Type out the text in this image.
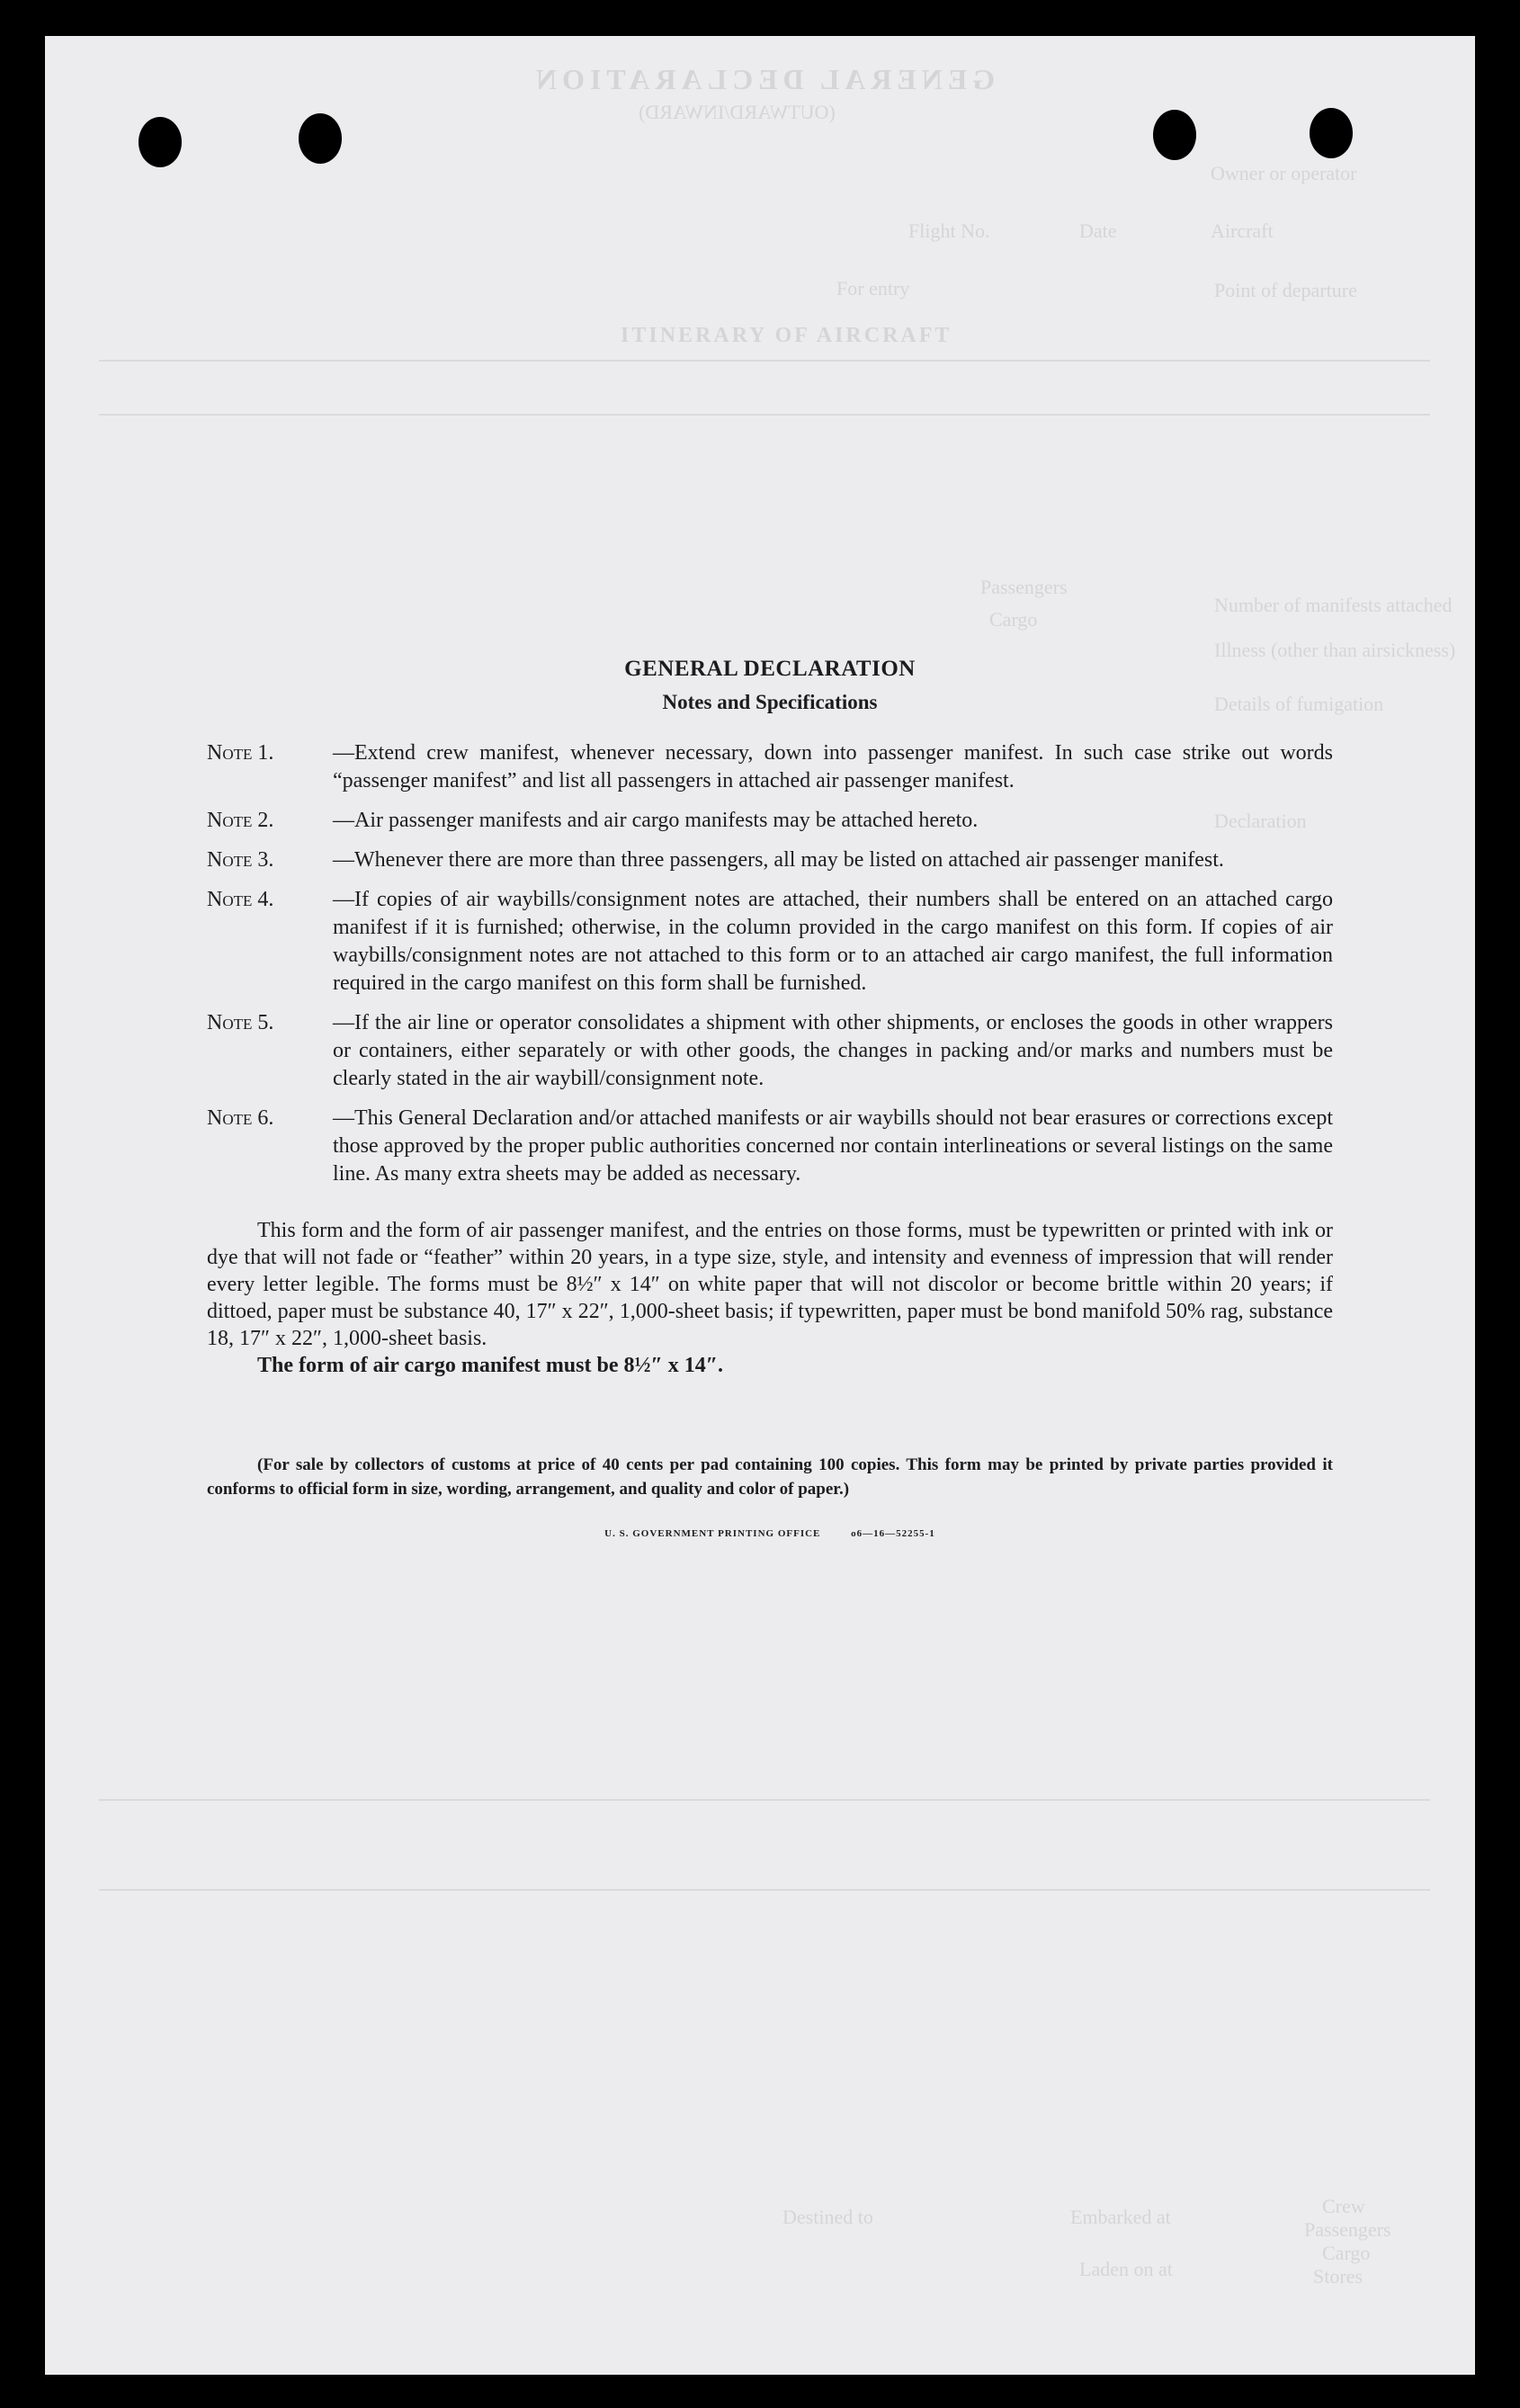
GENERAL DECLARATION
(OUTWARD/INWARD)
Owner or operator
Aircraft
Flight No.	Date
Point of departure
For entry
ITINERARY OF AIRCRAFT
Number of manifests attached
Passengers
Cargo
Illness (other than airsickness)
Details of fumigation
Declaration
Crew
Passengers
Cargo
Stores
Embarked at
Laden on at
Destined to
GENERAL DECLARATION
Notes and Specifications
Note 1.	—Extend crew manifest, whenever necessary, down into passenger manifest. In such case strike out words “passenger manifest” and list all passengers in attached air passenger manifest.
Note 2.	—Air passenger manifests and air cargo manifests may be attached hereto.
Note 3.	—Whenever there are more than three passengers, all may be listed on attached air passenger manifest.
Note 4.	—If copies of air waybills/consignment notes are attached, their numbers shall be entered on an attached cargo manifest if it is furnished; otherwise, in the column provided in the cargo manifest on this form. If copies of air waybills/consignment notes are not attached to this form or to an attached air cargo manifest, the full information required in the cargo manifest on this form shall be furnished.
Note 5.	—If the air line or operator consolidates a shipment with other shipments, or encloses the goods in other wrappers or containers, either separately or with other goods, the changes in packing and/or marks and numbers must be clearly stated in the air waybill/consignment note.
Note 6.	—This General Declaration and/or attached manifests or air waybills should not bear erasures or corrections except those approved by the proper public authorities concerned nor contain interlineations or several listings on the same line. As many extra sheets may be added as necessary.

This form and the form of air passenger manifest, and the entries on those forms, must be typewritten or printed with ink or dye that will not fade or “feather” within 20 years, in a type size, style, and intensity and evenness of impression that will render every letter legible. The forms must be 8½″ x 14″ on white paper that will not discolor or become brittle within 20 years; if dittoed, paper must be substance 40, 17″ x 22″, 1,000-sheet basis; if typewritten, paper must be bond manifold 50% rag, substance 18, 17″ x 22″, 1,000-sheet basis.

The form of air cargo manifest must be 8½″ x 14″.

(For sale by collectors of customs at price of 40 cents per pad containing 100 copies. This form may be printed by private parties provided it conforms to official form in size, wording, arrangement, and quality and color of paper.)

U. S. GOVERNMENT PRINTING OFFICE	o6—16—52255-1
